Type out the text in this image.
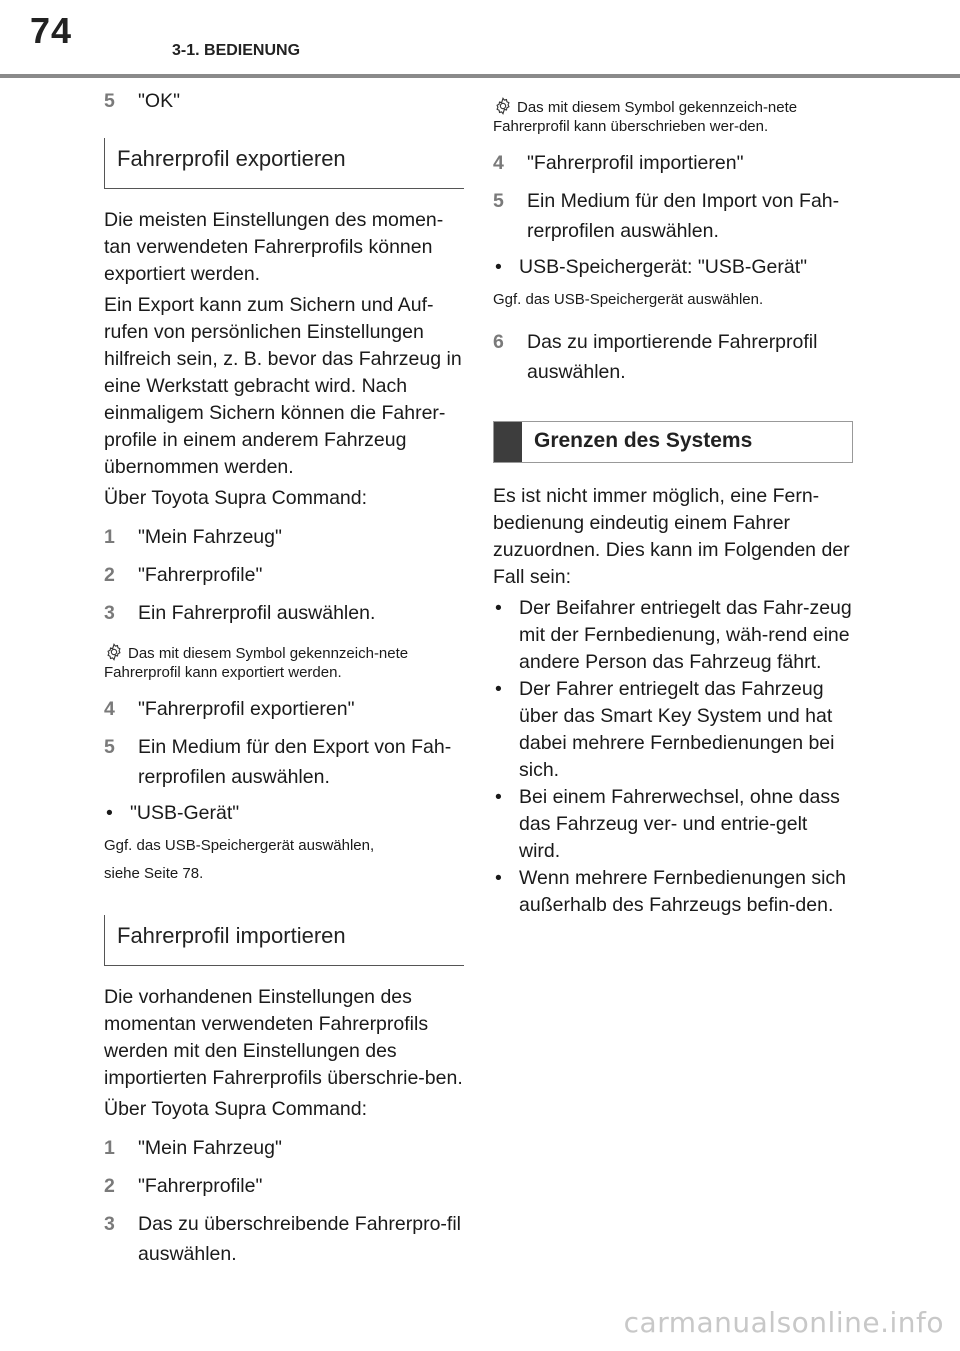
74	3-1. BEDIENUNG
5	"OK"
Fahrerprofil exportieren

Die meisten Einstellungen des momen-tan verwendeten Fahrerprofils können exportiert werden.

Ein Export kann zum Sichern und Auf-rufen von persönlichen Einstellungen hilfreich sein, z. B. bevor das Fahrzeug in eine Werkstatt gebracht wird. Nach einmaligem Sichern können die Fahrer-profile in einem anderem Fahrzeug übernommen werden.

Über Toyota Supra Command:

1	"Mein Fahrzeug"
2	"Fahrerprofile"
3	Ein Fahrerprofil auswählen.

Das mit diesem Symbol gekennzeich-nete Fahrerprofil kann exportiert werden.

4	"Fahrerprofil exportieren"
5	Ein Medium für den Export von Fah-rerprofilen auswählen.
• "USB-Gerät"

Ggf. das USB-Speichergerät auswählen,

siehe Seite 78.

Fahrerprofil importieren

Die vorhandenen Einstellungen des momentan verwendeten Fahrerprofils werden mit den Einstellungen des importierten Fahrerprofils überschrie-ben.

Über Toyota Supra Command:

1	"Mein Fahrzeug"
2	"Fahrerprofile"
3	Das zu überschreibende Fahrerpro-fil auswählen.

Das mit diesem Symbol gekennzeich-nete Fahrerprofil kann überschrieben wer-den.

4	"Fahrerprofil importieren"
5	Ein Medium für den Import von Fah-rerprofilen auswählen.
• USB-Speichergerät: "USB-Gerät"

Ggf. das USB-Speichergerät auswählen.

6	Das zu importierende Fahrerprofil auswählen.
Grenzen des Systems

Es ist nicht immer möglich, eine Fern-bedienung eindeutig einem Fahrer zuzuordnen. Dies kann im Folgenden der Fall sein:

• Der Beifahrer entriegelt das Fahr-zeug mit der Fernbedienung, wäh-rend eine andere Person das Fahrzeug fährt.
• Der Fahrer entriegelt das Fahrzeug über das Smart Key System und hat dabei mehrere Fernbedienungen bei sich.
• Bei einem Fahrerwechsel, ohne dass das Fahrzeug ver- und entrie-gelt wird.
• Wenn mehrere Fernbedienungen sich außerhalb des Fahrzeugs befin-den.
carmanualsonline.info
